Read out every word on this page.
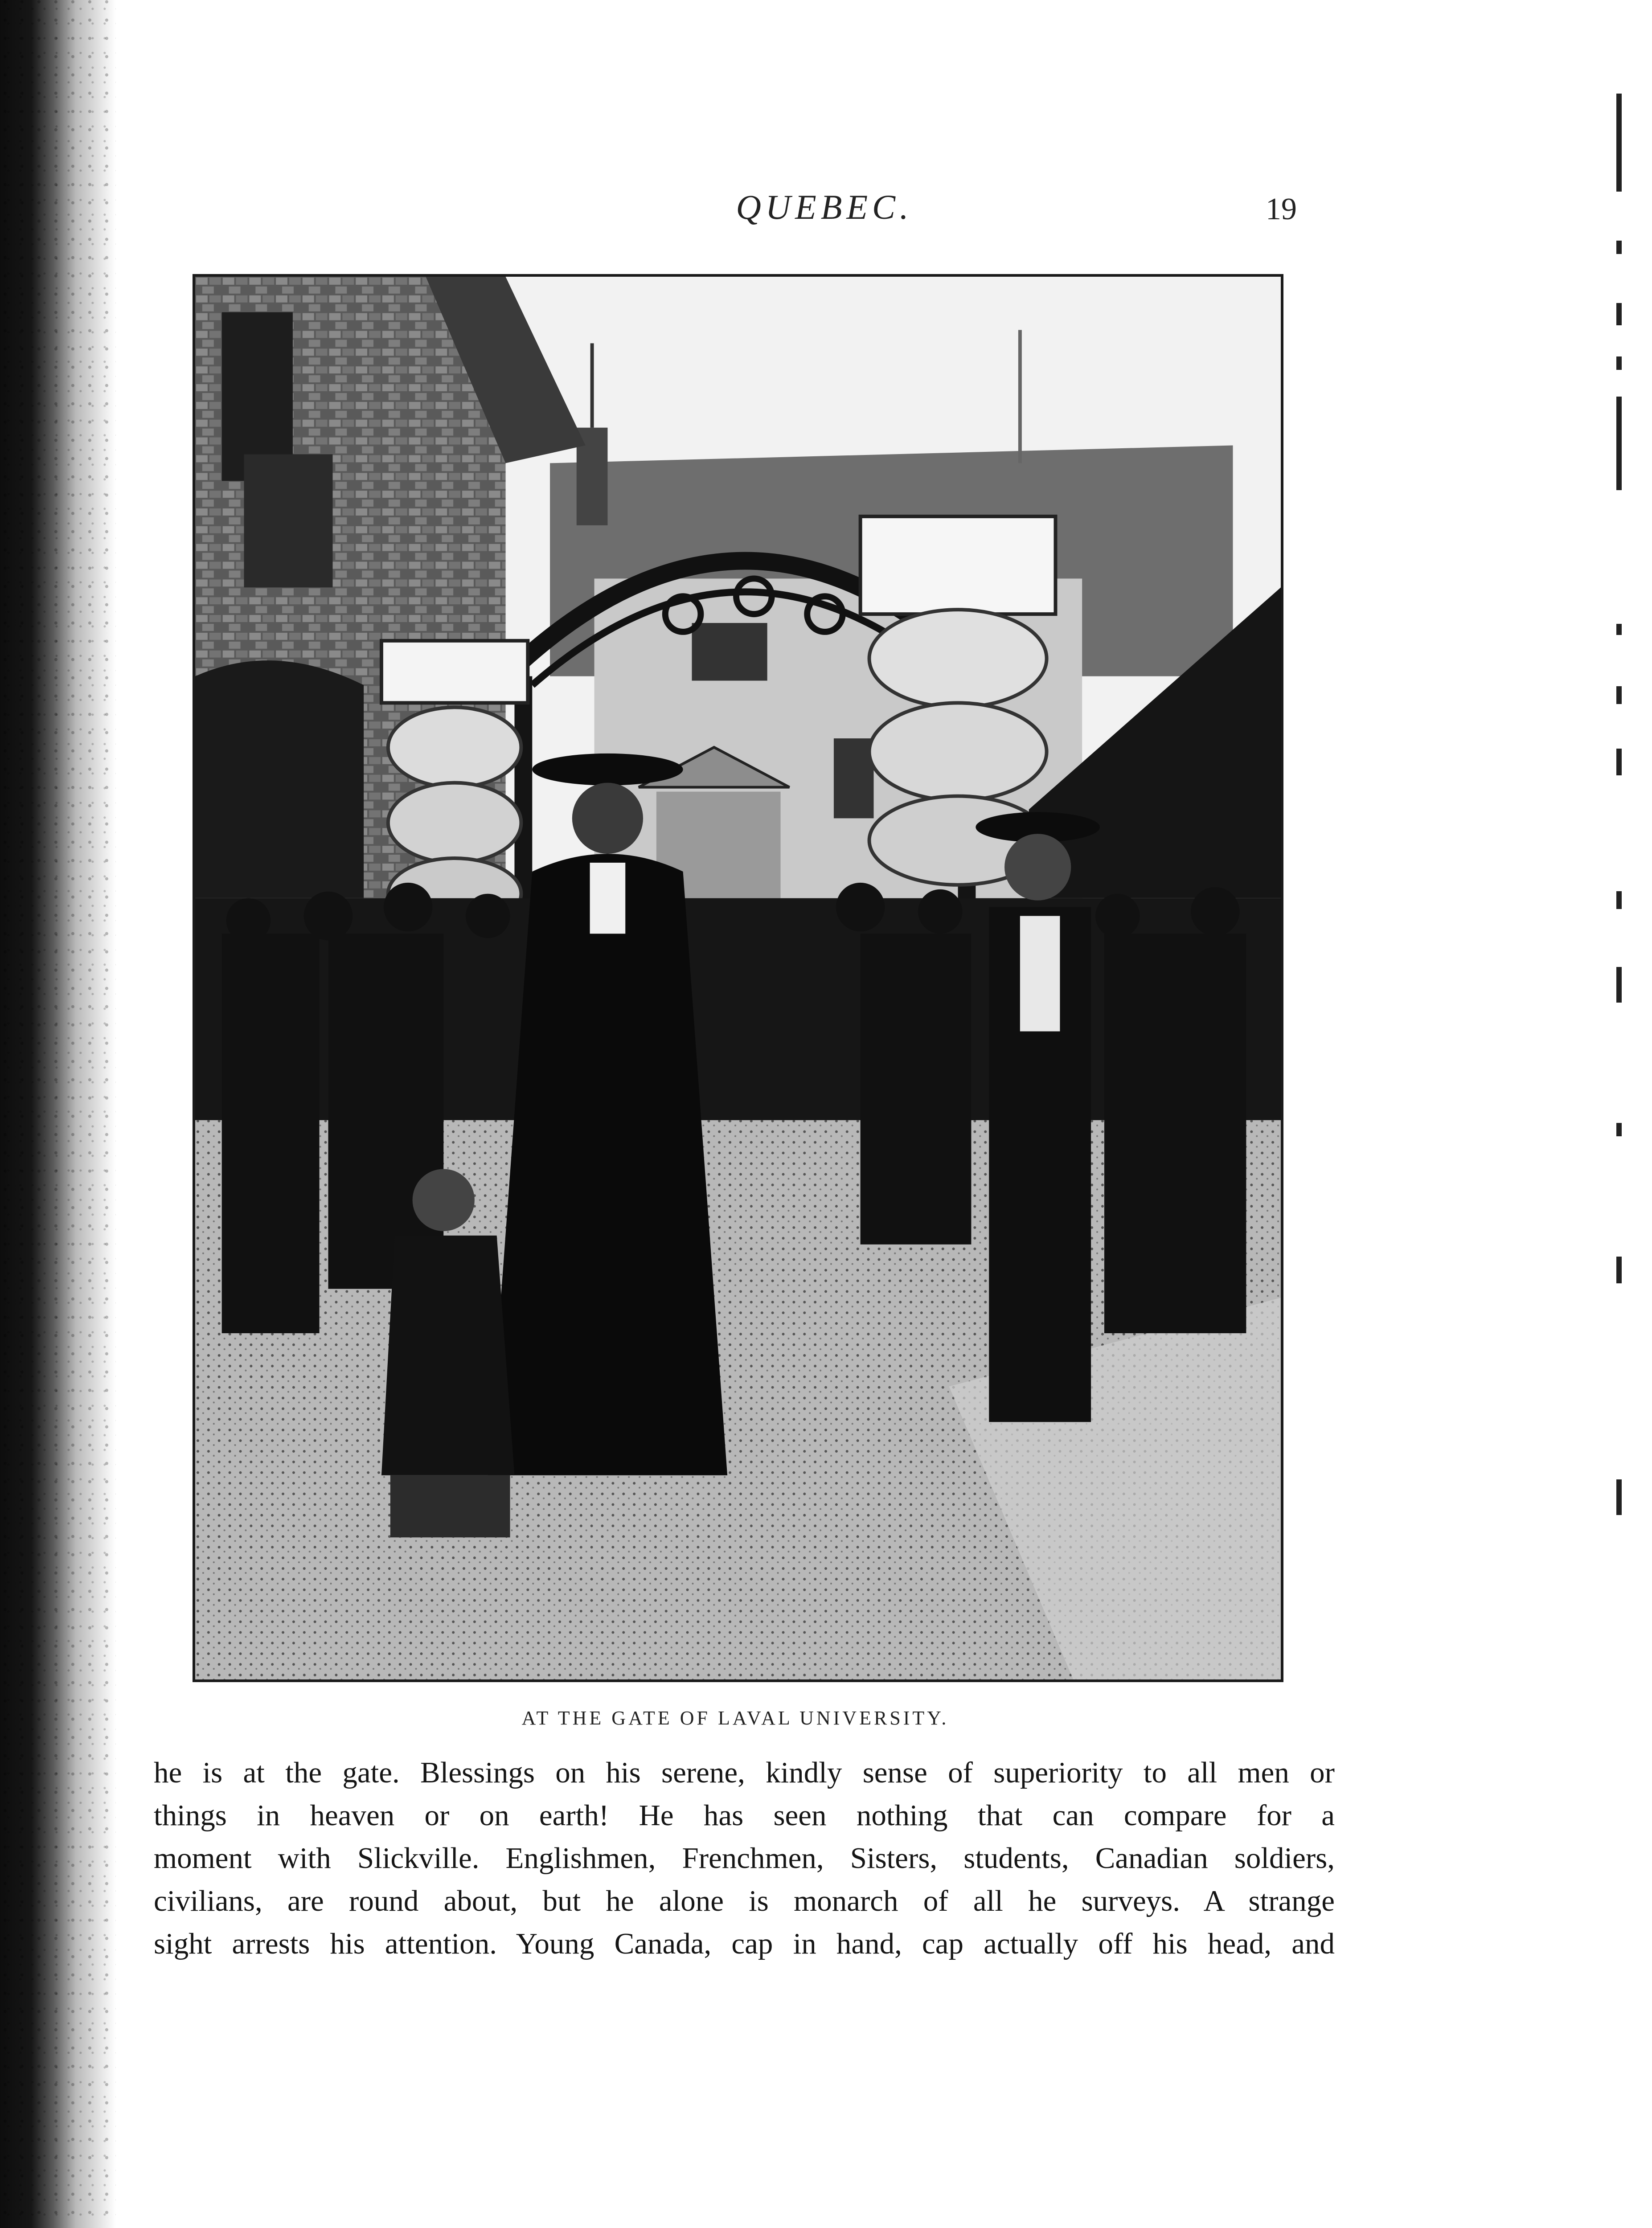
QUEBEC.	19
AT THE GATE OF LAVAL UNIVERSITY.
he is at the gate. Blessings on his serene, kindly sense of superiority to all men or
things in heaven or on earth! He has seen nothing that can compare for a
moment with Slickville. Englishmen, Frenchmen, Sisters, students, Canadian soldiers,
civilians, are round about, but he alone is monarch of all he surveys. A strange
sight arrests his attention. Young Canada, cap in hand, cap actually off his head, and
